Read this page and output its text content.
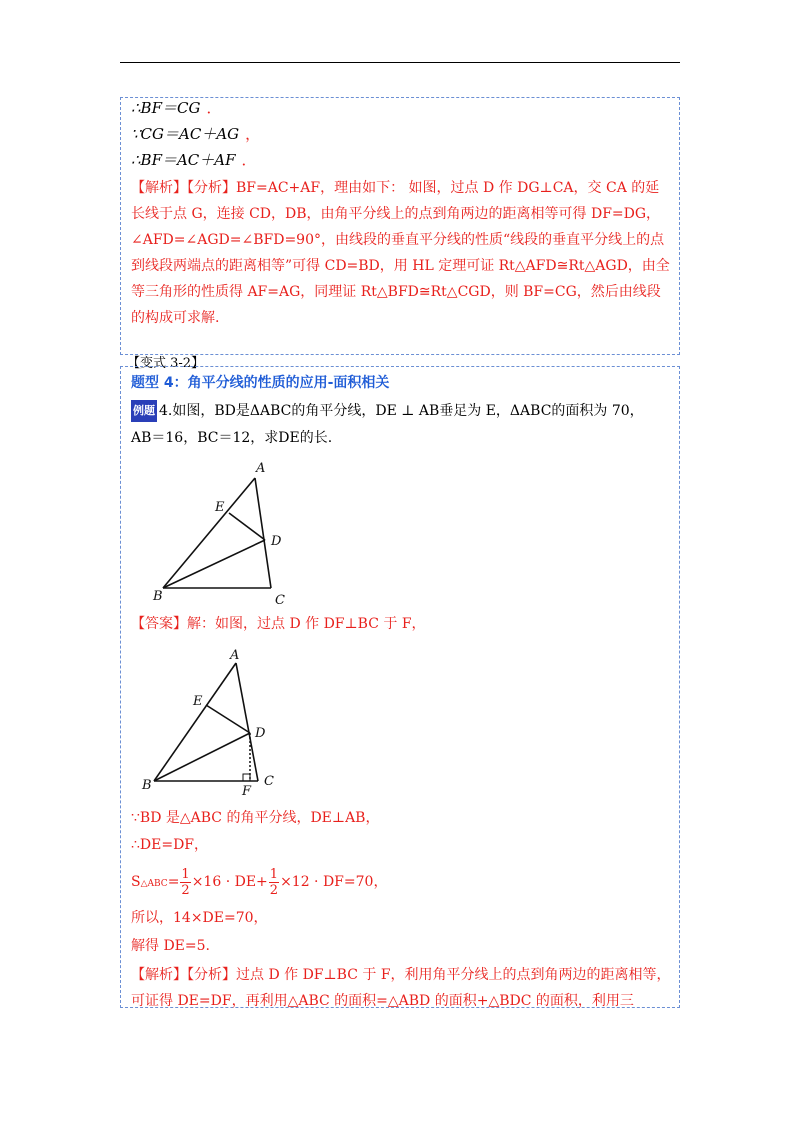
∴BF＝CG ．
∵CG＝AC＋AG ，
∴BF＝AC＋AF ．
【解析】【分析】BF=AC+AF，理由如下： 如图，过点 D 作 DG⊥CA，交 CA 的延长线于点 G，连接 CD，DB，由角平分线上的点到角两边的距离相等可得 DF=DG，∠AFD=∠AGD=∠BFD=90°，由线段的垂直平分线的性质“线段的垂直平分线上的点到线段两端点的距离相等”可得 CD=BD，用 HL 定理可证 Rt△AFD≅Rt△AGD，由全等三角形的性质得 AF=AG，同理证 Rt△BFD≅Rt△CGD，则 BF=CG，然后由线段的构成可求解.
【变式 3-2】
题型 4：角平分线的性质的应用-面积相关
例题 4.如图，BD是ΔABC的角平分线，DE ⊥ AB垂足为 E，ΔABC的面积为 70，
AB＝16，BC＝12，求DE的长.
A
E
D
B	C
【答案】解：如图，过点 D 作 DF⊥BC 于 F，
A
E
D
B	F
C
∵BD 是△ABC 的角平分线，DE⊥AB，
∴DE=DF，
S△ABC= $\frac{1}{2} \times 16 \cdot DE+ \frac{1}{2} \times 12 \cdot DF=70$，
所以，14×DE=70，
解得 DE=5.
【解析】【分析】过点 D 作 DF⊥BC 于 F，利用角平分线上的点到角两边的距离相等，可证得 DE=DF，再利用△ABC 的面积=△ABD 的面积+△BDC 的面积，利用三
